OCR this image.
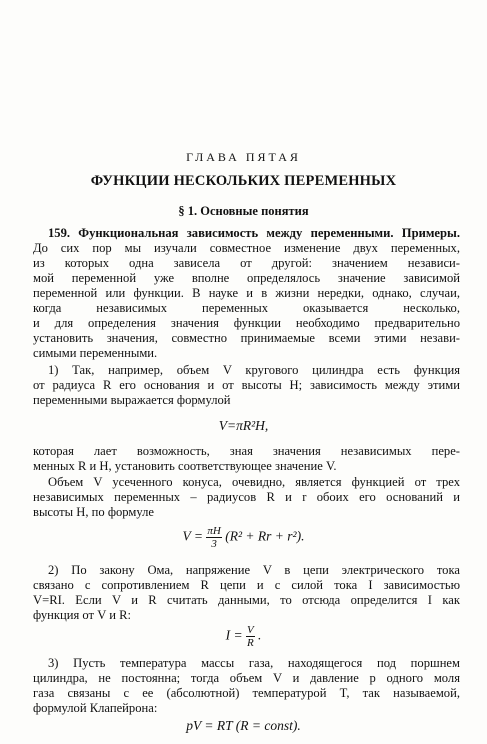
ГЛАВА ПЯТАЯ
ФУНКЦИИ НЕСКОЛЬКИХ ПЕРЕМЕННЫХ
§ 1. Основные понятия
159. Функциональная зависимость между переменными. Примеры.
До сих пор мы изучали совместное изменение двух переменных,
из которых одна зависела от другой: значением независи-
мой переменной уже вполне определялось значение зависимой
переменной или функции. В науке и в жизни нередки, однако, случаи,
когда независимых переменных оказывается несколько,
и для определения значения функции необходимо предварительно
установить значения, совместно принимаемые всеми этими незави-
симыми переменными.
1) Так, например, объем V кругового цилиндра есть функция
от радиуса R его основания и от высоты H; зависимость между этими
переменными выражается формулой
V=πR²H,
которая лает возможность, зная значения независимых пере-
менных R и H, установить соответствующее значение V.
Объем V усеченного конуса, очевидно, является функцией от трех
независимых переменных – радиусов R и r обоих его оснований и
высоты H, по формуле
$V = \frac{\pi H}{3} (R^2 + Rr + r^2)$.
2) По закону Ома, напряжение V в цепи электрического тока
связано с сопротивлением R цепи и с силой тока I зависимостью
V=RI. Если V и R считать данными, то отсюда определится I как
функция от V и R:
$I = \frac{V}{R}$ .
3) Пусть температура массы газа, находящегося под поршнем
цилиндра, не постоянна; тогда объем V и давление p одного моля
газа связаны с ее (абсолютной) температурой T, так называемой,
формулой Клапейрона:
pV = RT (R = const).
